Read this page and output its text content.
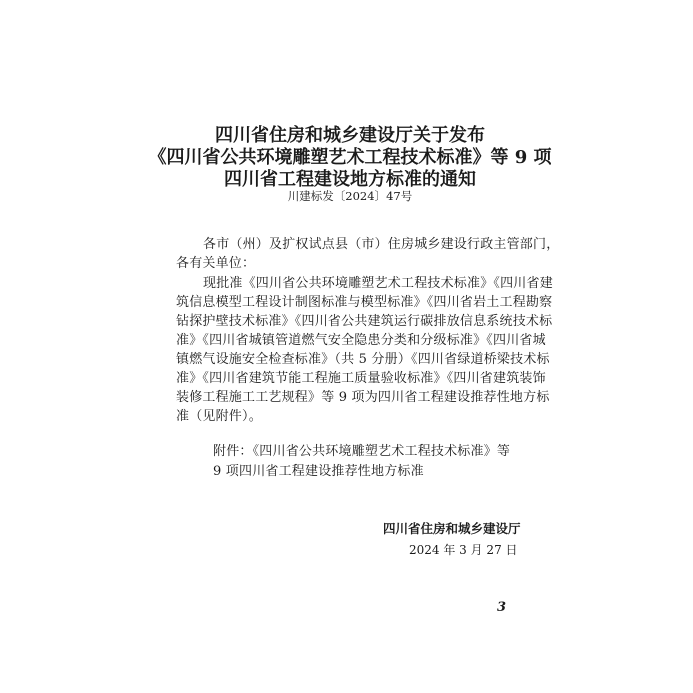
四川省住房和城乡建设厅关于发布
《四川省公共环境雕塑艺术工程技术标准》等 9 项
四川省工程建设地方标准的通知
川建标发〔2024〕47号
各市（州）及扩权试点县（市）住房城乡建设行政主管部门，
各有关单位：
现批准《四川省公共环境雕塑艺术工程技术标准》《四川省建
筑信息模型工程设计制图标准与模型标准》《四川省岩土工程勘察
钻探护壁技术标准》《四川省公共建筑运行碳排放信息系统技术标
准》《四川省城镇管道燃气安全隐患分类和分级标准》《四川省城
镇燃气设施安全检查标准》（共 5 分册）《四川省绿道桥梁技术标
准》《四川省建筑节能工程施工质量验收标准》《四川省建筑装饰
装修工程施工工艺规程》等 9 项为四川省工程建设推荐性地方标
准（见附件）。
附件：《四川省公共环境雕塑艺术工程技术标准》等
9 项四川省工程建设推荐性地方标准
四川省住房和城乡建设厅
2024 年 3 月 27 日
3
